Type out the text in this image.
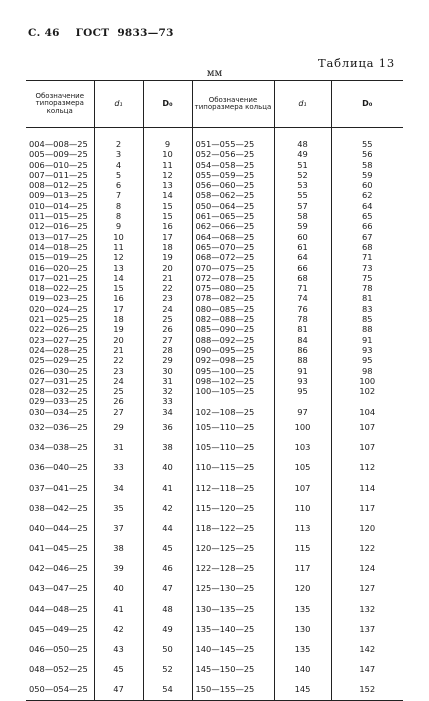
С. 46 ГОСТ 9833—73
Таблица 13
мм
Обозначение типоразмера кольца	d₁	D₀	Обозначение типоразмера кольца	d₁	D₀

004—008—25	2	9	051—055—25	48	55
005—009—25	3	10	052—056—25	49	56
006—010—25	4	11	054—058—25	51	58
007—011—25	5	12	055—059—25	52	59
008—012—25	6	13	056—060—25	53	60
009—013—25	7	14	058—062—25	55	62
010—014—25	8	15	050—064—25	57	64
011—015—25	8	15	061—065—25	58	65
012—016—25	9	16	062—066—25	59	66
013—017—25	10	17	064—068—25	60	67
014—018—25	11	18	065—070—25	61	68
015—019—25	12	19	068—072—25	64	71
016—020—25	13	20	070—075—25	66	73
017—021—25	14	21	072—078—25	68	75
018—022—25	15	22	075—080—25	71	78
019—023—25	16	23	078—082—25	74	81
020—024—25	17	24	080—085—25	76	83
021—025—25	18	25	082—088—25	78	85
022—026—25	19	26	085—090—25	81	88
023—027—25	20	27	088—092—25	84	91
024—028—25	21	28	090—095—25	86	93
025—029—25	22	29	092—098—25	88	95
026—030—25	23	30	095—100—25	91	98
027—031—25	24	31	098—102—25	93	100
028—032—25	25	32	100—105—25	95	102
029—033—25	26	33			
030—034—25	27	34	102—108—25	97	104
032—036—25	29	36	105—110—25	100	107
034—038—25	31	38	105—110—25	103	107
036—040—25	33	40	110—115—25	105	112
037—041—25	34	41	112—118—25	107	114
038—042—25	35	42	115—120—25	110	117
040—044—25	37	44	118—122—25	113	120
041—045—25	38	45	120—125—25	115	122
042—046—25	39	46	122—128—25	117	124
043—047—25	40	47	125—130—25	120	127
044—048—25	41	48	130—135—25	135	132
045—049—25	42	49	135—140—25	130	137
046—050—25	43	50	140—145—25	135	142
048—052—25	45	52	145—150—25	140	147
050—054—25	47	54	150—155—25	145	152
